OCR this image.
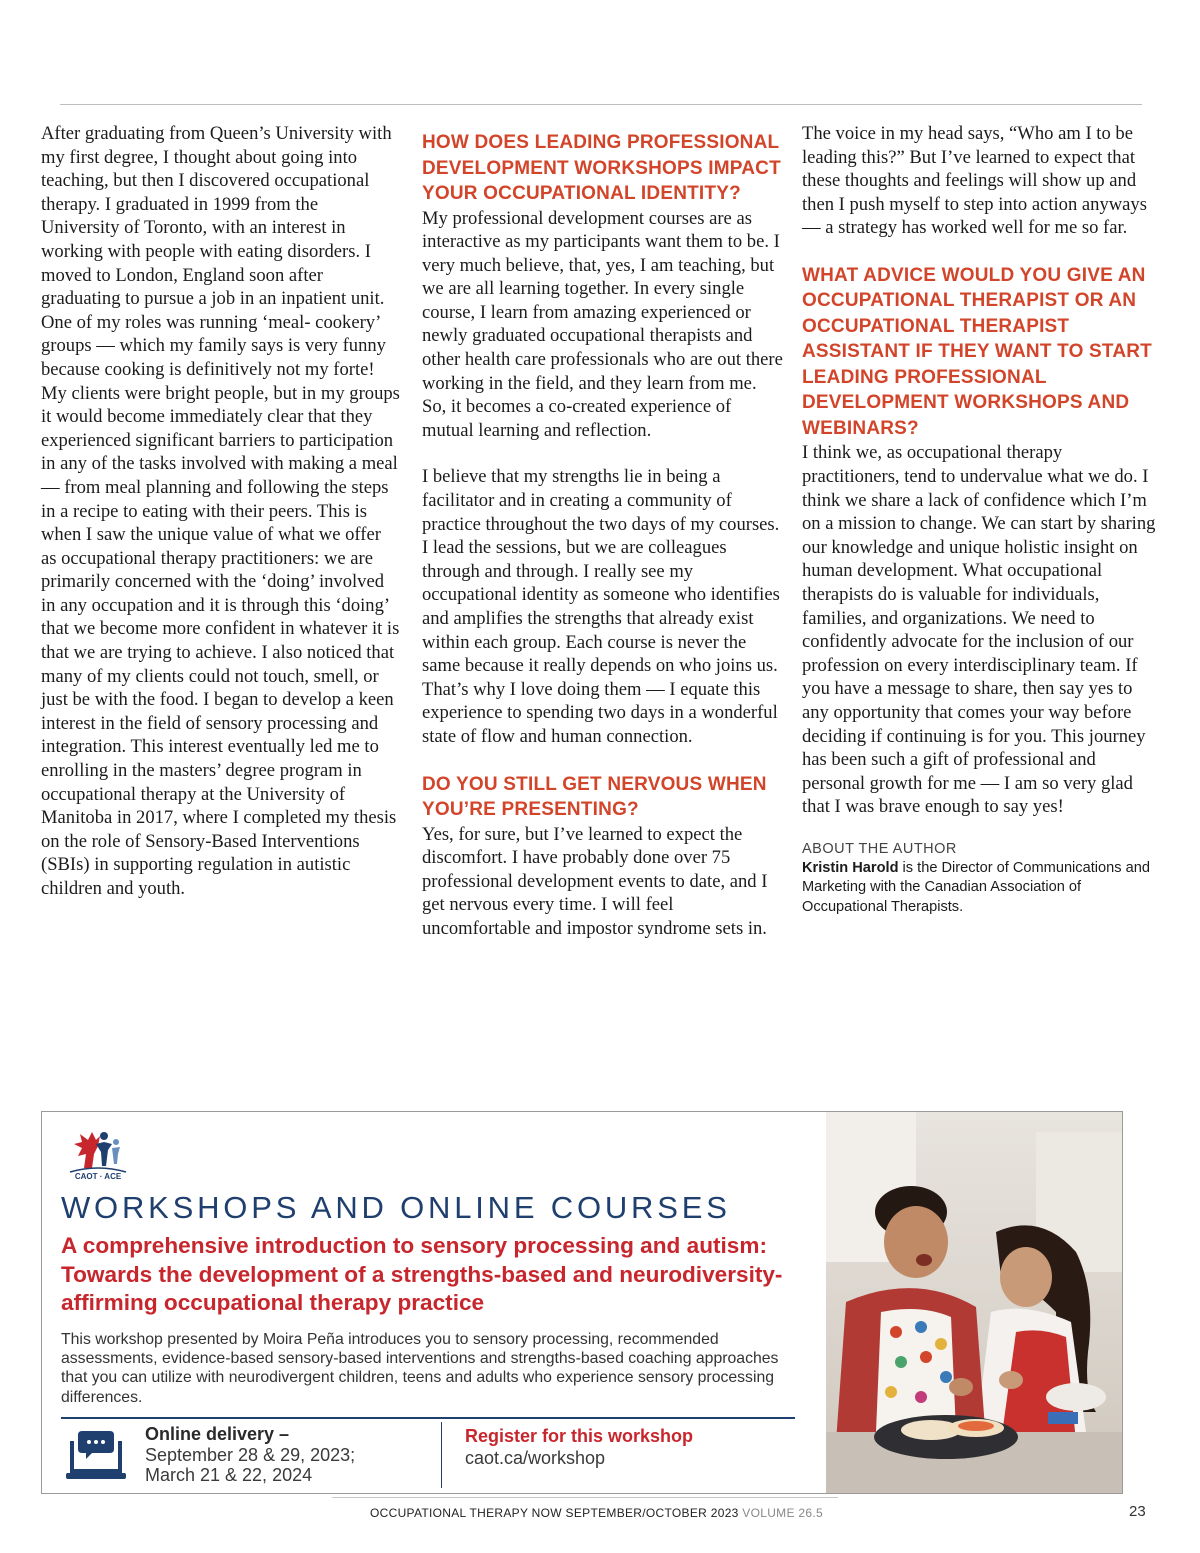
After graduating from Queen’s University with my first degree, I thought about going into teaching, but then I discovered occupational therapy. I graduated in 1999 from the University of Toronto, with an interest in working with people with eating disorders. I moved to London, England soon after graduating to pursue a job in an inpatient unit. One of my roles was running ‘meal- cookery’ groups — which my family says is very funny because cooking is definitively not my forte! My clients were bright people, but in my groups it would become immediately clear that they experienced significant barriers to participation in any of the tasks involved with making a meal — from meal planning and following the steps in a recipe to eating with their peers. This is when I saw the unique value of what we offer as occupational therapy practitioners: we are primarily concerned with the ‘doing’ involved in any occupation and it is through this ‘doing’ that we become more confident in whatever it is that we are trying to achieve. I also noticed that many of my clients could not touch, smell, or just be with the food. I began to develop a keen interest in the field of sensory processing and integration. This interest eventually led me to enrolling in the masters’ degree program in occupational therapy at the University of Manitoba in 2017, where I completed my thesis on the role of Sensory-Based Interventions (SBIs) in supporting regulation in autistic children and youth.

HOW DOES LEADING PROFESSIONAL DEVELOPMENT WORKSHOPS IMPACT YOUR OCCUPATIONAL IDENTITY?

My professional development courses are as interactive as my participants want them to be. I very much believe, that, yes, I am teaching, but we are all learning together. In every single course, I learn from amazing experienced or newly graduated occupational therapists and other health care professionals who are out there working in the field, and they learn from me. So, it becomes a co-created experience of mutual learning and reflection.

I believe that my strengths lie in being a facilitator and in creating a community of practice throughout the two days of my courses. I lead the sessions, but we are colleagues through and through. I really see my occupational identity as someone who identifies and amplifies the strengths that already exist within each group. Each course is never the same because it really depends on who joins us. That’s why I love doing them — I equate this experience to spending two days in a wonderful state of flow and human connection.

DO YOU STILL GET NERVOUS WHEN YOU’RE PRESENTING?

Yes, for sure, but I’ve learned to expect the discomfort. I have probably done over 75 professional development events to date, and I get nervous every time. I will feel uncomfortable and impostor syndrome sets in.

The voice in my head says, “Who am I to be leading this?” But I’ve learned to expect that these thoughts and feelings will show up and then I push myself to step into action anyways — a strategy has worked well for me so far.

WHAT ADVICE WOULD YOU GIVE AN OCCUPATIONAL THERAPIST OR AN OCCUPATIONAL THERAPIST ASSISTANT IF THEY WANT TO START LEADING PROFESSIONAL DEVELOPMENT WORKSHOPS AND WEBINARS?

I think we, as occupational therapy practitioners, tend to undervalue what we do. I think we share a lack of confidence which I’m on a mission to change. We can start by sharing our knowledge and unique holistic insight on human development. What occupational therapists do is valuable for individuals, families, and organizations. We need to confidently advocate for the inclusion of our profession on every interdisciplinary team. If you have a message to share, then say yes to any opportunity that comes your way before deciding if continuing is for you. This journey has been such a gift of professional and personal growth for me — I am so very glad that I was brave enough to say yes!

ABOUT THE AUTHOR
Kristin Harold is the Director of Communications and Marketing with the Canadian Association of Occupational Therapists.
CAOT · ACE
WORKSHOPS AND ONLINE COURSES
A comprehensive introduction to sensory processing and autism: Towards the development of a strengths-based and neurodiversity-affirming occupational therapy practice
This workshop presented by Moira Peña introduces you to sensory processing, recommended assessments, evidence-based sensory-based interventions and strengths-based coaching approaches that you can utilize with neurodivergent children, teens and adults who experience sensory processing differences.
Online delivery –
September 28 & 29, 2023;
March 21 & 22, 2024
Register for this workshop
caot.ca/workshop
OCCUPATIONAL THERAPY NOW SEPTEMBER/OCTOBER 2023 VOLUME 26.5	23
